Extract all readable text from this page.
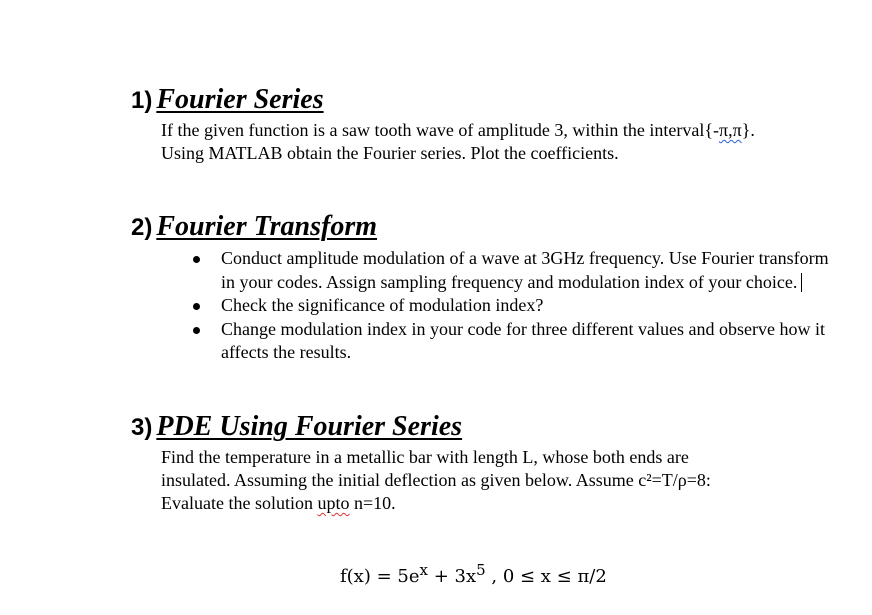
1) Fourier Series
If the given function is a saw tooth wave of amplitude 3, within the interval{-π,π}.
Using MATLAB obtain the Fourier series. Plot the coefficients.
2) Fourier Transform
Conduct amplitude modulation of a wave at 3GHz frequency. Use Fourier transform in your codes. Assign sampling frequency and modulation index of your choice.
Check the significance of modulation index?
Change modulation index in your code for three different values and observe how it affects the results.
3) PDE Using Fourier Series
Find the temperature in a metallic bar with length L, whose both ends are
insulated. Assuming the initial deflection as given below. Assume c²=T/ρ=8:
Evaluate the solution upto n=10.
$f(x) = 5e^x + 3x^5$ , 0 ≤ x ≤ π/2
